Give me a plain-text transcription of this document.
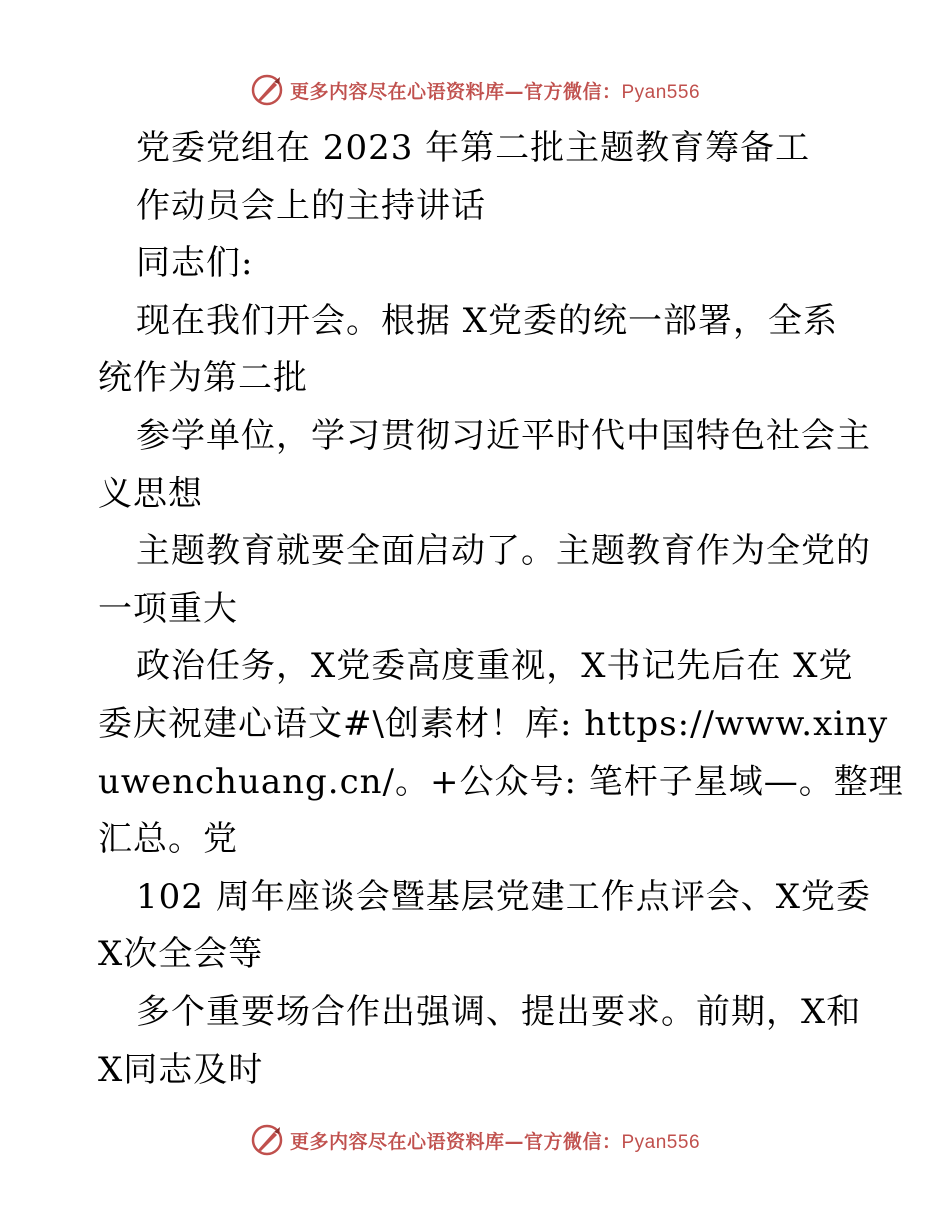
更多内容尽在心语资料库—官方微信：Pyan556
党委党组在 2023 年第二批主题教育筹备工
作动员会上的主持讲话
同志们:
现在我们开会。根据 X党委的统一部署，全系
统作为第二批
参学单位，学习贯彻习近平时代中国特色社会主
义思想
主题教育就要全面启动了。主题教育作为全党的
一项重大
政治任务，X党委高度重视，X书记先后在 X党
委庆祝建心语文#\创素材！库: https://www.xiny
uwenchuang.cn/。+公众号: 笔杆子星域—。整理
汇总。党
102 周年座谈会暨基层党建工作点评会、X党委
X次全会等
多个重要场合作出强调、提出要求。前期，X和
X同志及时
更多内容尽在心语资料库—官方微信：Pyan556
